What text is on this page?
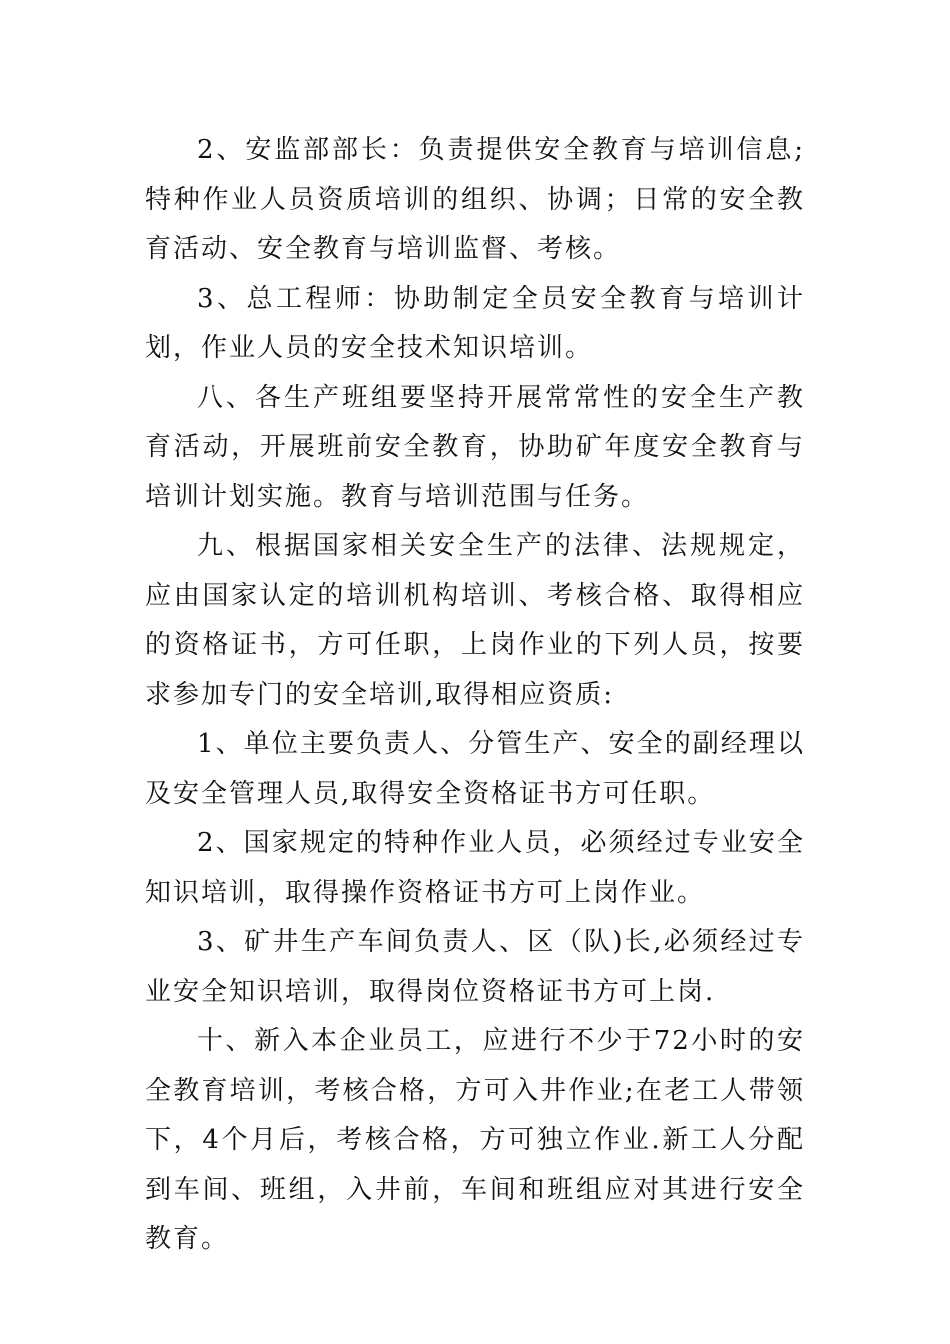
2、安监部部长：负责提供安全教育与培训信息;特种作业人员资质培训的组织、协调；日常的安全教育活动、安全教育与培训监督、考核。

3、总工程师：协助制定全员安全教育与培训计划，作业人员的安全技术知识培训。

八、各生产班组要坚持开展常常性的安全生产教育活动，开展班前安全教育，协助矿年度安全教育与培训计划实施。教育与培训范围与任务。

九、根据国家相关安全生产的法律、法规规定，应由国家认定的培训机构培训、考核合格、取得相应的资格证书，方可任职，上岗作业的下列人员，按要求参加专门的安全培训,取得相应资质:

1、单位主要负责人、分管生产、安全的副经理以及安全管理人员,取得安全资格证书方可任职。

2、国家规定的特种作业人员，必须经过专业安全知识培训，取得操作资格证书方可上岗作业。

3、矿井生产车间负责人、区（队)长,必须经过专业安全知识培训，取得岗位资格证书方可上岗.

十、新入本企业员工，应进行不少于72小时的安全教育培训，考核合格，方可入井作业;在老工人带领下，4个月后，考核合格，方可独立作业.新工人分配到车间、班组，入井前，车间和班组应对其进行安全教育。
